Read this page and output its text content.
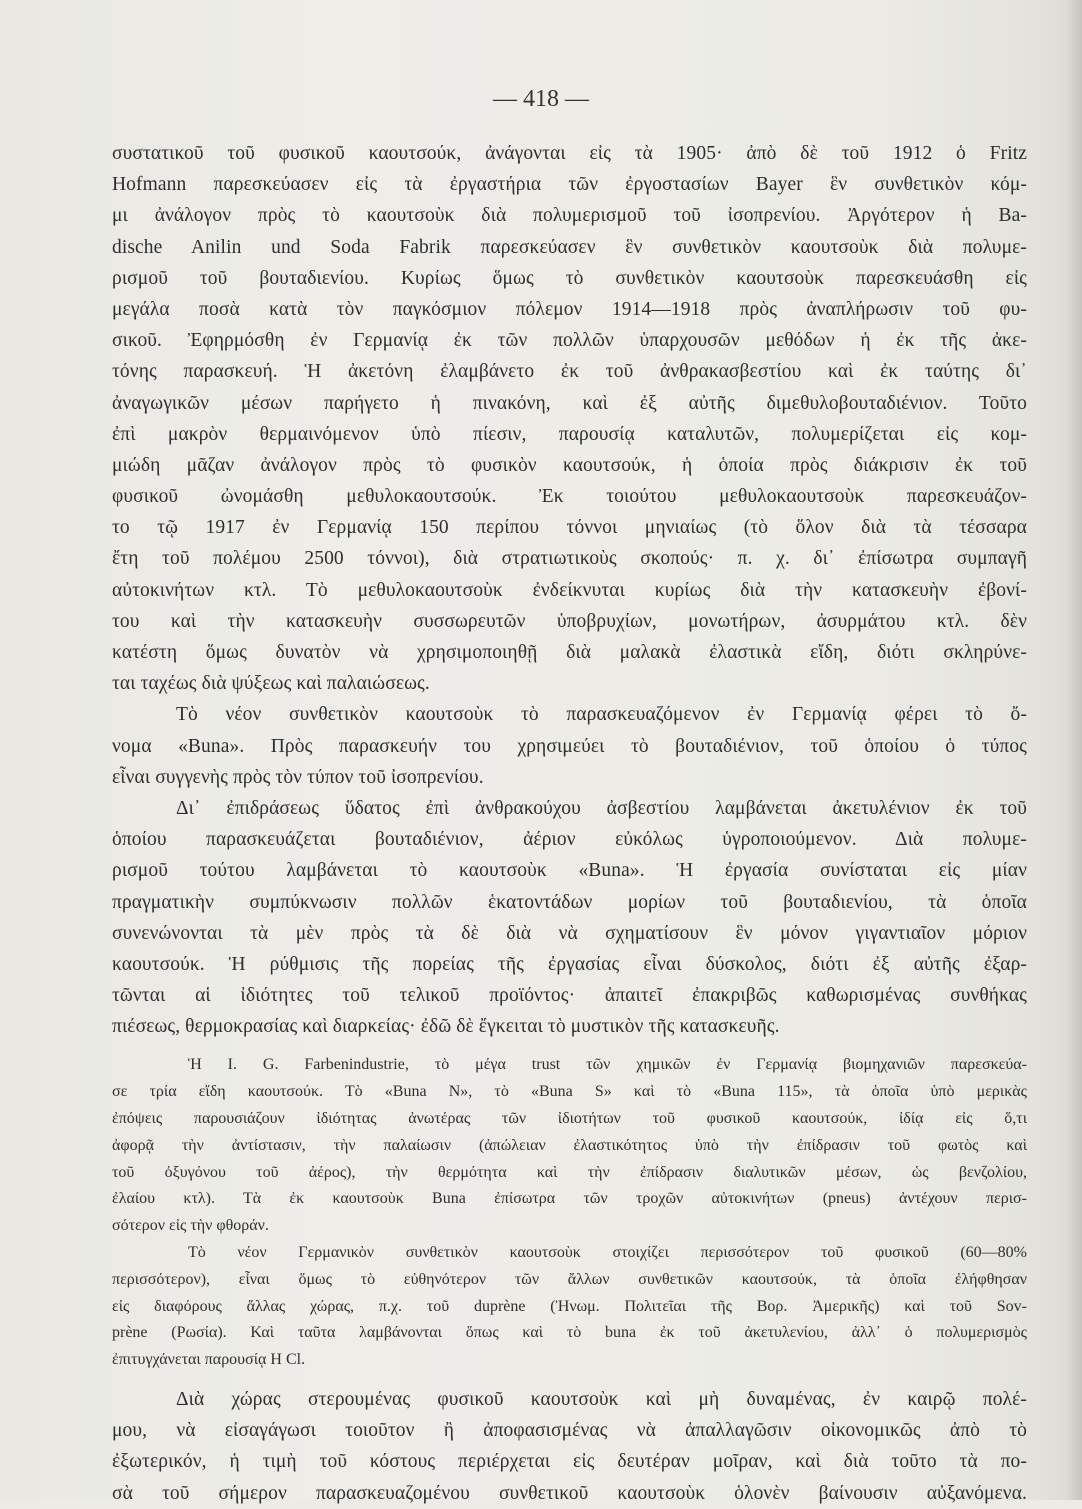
— 418 —
συστατικοῦ τοῦ φυσικοῦ καουτσούκ, ἀνάγονται εἰς τὰ 1905· ἀπὸ δὲ τοῦ 1912 ὁ Fritz
Hofmann παρεσκεύασεν εἰς τὰ ἐργαστήρια τῶν ἐργοστασίων Bayer ἓν συνθετικὸν κόμ-
μι ἀνάλογον πρὸς τὸ καουτσοὺκ διὰ πολυμερισμοῦ τοῦ ἰσοπρενίου. Ἀργότερον ἡ Ba-
dische Anilin und Soda Fabrik παρεσκεύασεν ἓν συνθετικὸν καουτσοὺκ διὰ πολυμε-
ρισμοῦ τοῦ βουταδιενίου. Κυρίως ὅμως τὸ συνθετικὸν καουτσοὺκ παρεσκευάσθη εἰς
μεγάλα ποσὰ κατὰ τὸν παγκόσμιον πόλεμον 1914—1918 πρὸς ἀναπλήρωσιν τοῦ φυ-
σικοῦ. Ἐφηρμόσθη ἐν Γερμανίᾳ ἐκ τῶν πολλῶν ὑπαρχουσῶν μεθόδων ἡ ἐκ τῆς ἀκε-
τόνης παρασκευή. Ἡ ἀκετόνη ἐλαμβάνετο ἐκ τοῦ ἀνθρακασβεστίου καὶ ἐκ ταύτης δι᾽
ἀναγωγικῶν μέσων παρήγετο ἡ πινακόνη, καὶ ἐξ αὐτῆς διμεθυλοβουταδιένιον. Τοῦτο
ἐπὶ μακρὸν θερμαινόμενον ὑπὸ πίεσιν, παρουσίᾳ καταλυτῶν, πολυμερίζεται εἰς κομ-
μιώδη μᾶζαν ἀνάλογον πρὸς τὸ φυσικὸν καουτσούκ, ἡ ὁποία πρὸς διάκρισιν ἐκ τοῦ
φυσικοῦ ὠνομάσθη μεθυλοκαουτσούκ. Ἐκ τοιούτου μεθυλοκαουτσοὺκ παρεσκευάζον-
το τῷ 1917 ἐν Γερμανίᾳ 150 περίπου τόννοι μηνιαίως (τὸ ὅλον διὰ τὰ τέσσαρα
ἔτη τοῦ πολέμου 2500 τόννοι), διὰ στρατιωτικοὺς σκοπούς· π. χ. δι᾽ ἐπίσωτρα συμπαγῆ
αὐτοκινήτων κτλ. Τὸ μεθυλοκαουτσοὺκ ἐνδείκνυται κυρίως διὰ τὴν κατασκευὴν ἐβονί-
του καὶ τὴν κατασκευὴν συσσωρευτῶν ὑποβρυχίων, μονωτήρων, ἀσυρμάτου κτλ. δὲν
κατέστη ὅμως δυνατὸν νὰ χρησιμοποιηθῇ διὰ μαλακὰ ἐλαστικὰ εἴδη, διότι σκληρύνε-
ται ταχέως διὰ ψύξεως καὶ παλαιώσεως.
Τὸ νέον συνθετικὸν καουτσοὺκ τὸ παρασκευαζόμενον ἐν Γερμανίᾳ φέρει τὸ ὄ-
νομα «Buna». Πρὸς παρασκευήν του χρησιμεύει τὸ βουταδιένιον, τοῦ ὁποίου ὁ τύπος
εἶναι συγγενὴς πρὸς τὸν τύπον τοῦ ἰσοπρενίου.
Δι᾽ ἐπιδράσεως ὕδατος ἐπὶ ἀνθρακούχου ἀσβεστίου λαμβάνεται ἀκετυλένιον ἐκ τοῦ
ὁποίου παρασκευάζεται βουταδιένιον, ἀέριον εὐκόλως ὑγροποιούμενον. Διὰ πολυμε-
ρισμοῦ τούτου λαμβάνεται τὸ καουτσοὺκ «Buna». Ἡ ἐργασία συνίσταται εἰς μίαν
πραγματικὴν συμπύκνωσιν πολλῶν ἑκατοντάδων μορίων τοῦ βουταδιενίου, τὰ ὁποῖα
συνενώνονται τὰ μὲν πρὸς τὰ δὲ διὰ νὰ σχηματίσουν ἓν μόνον γιγαντιαῖον μόριον
καουτσούκ. Ἡ ρύθμισις τῆς πορείας τῆς ἐργασίας εἶναι δύσκολος, διότι ἐξ αὐτῆς ἐξαρ-
τῶνται αἱ ἰδιότητες τοῦ τελικοῦ προϊόντος· ἀπαιτεῖ ἐπακριβῶς καθωρισμένας συνθήκας
πιέσεως, θερμοκρασίας καὶ διαρκείας· ἐδῶ δὲ ἔγκειται τὸ μυστικὸν τῆς κατασκευῆς.
Ἡ I. G. Farbenindustrie, τὸ μέγα trust τῶν χημικῶν ἐν Γερμανίᾳ βιομηχανιῶν παρεσκεύα-
σε τρία εἴδη καουτσούκ. Τὸ «Buna N», τὸ «Buna S» καὶ τὸ «Buna 115», τὰ ὁποῖα ὑπὸ μερικὰς
ἐπόψεις παρουσιάζουν ἰδιότητας ἀνωτέρας τῶν ἰδιοτήτων τοῦ φυσικοῦ καουτσούκ, ἰδίᾳ εἰς ὅ,τι
ἀφορᾷ τὴν ἀντίστασιν, τὴν παλαίωσιν (ἀπώλειαν ἐλαστικότητος ὑπὸ τὴν ἐπίδρασιν τοῦ φωτὸς καὶ
τοῦ ὀξυγόνου τοῦ ἀέρος), τὴν θερμότητα καὶ τὴν ἐπίδρασιν διαλυτικῶν μέσων, ὡς βενζολίου,
ἐλαίου κτλ). Τὰ ἐκ καουτσοὺκ Buna ἐπίσωτρα τῶν τροχῶν αὐτοκινήτων (pneus) ἀντέχουν περισ-
σότερον εἰς τὴν φθοράν.
Τὸ νέον Γερμανικὸν συνθετικὸν καουτσοὺκ στοιχίζει περισσότερον τοῦ φυσικοῦ (60—80%
περισσότερον), εἶναι ὅμως τὸ εὐθηνότερον τῶν ἄλλων συνθετικῶν καουτσούκ, τὰ ὁποῖα ἐλήφθησαν
εἰς διαφόρους ἄλλας χώρας, π.χ. τοῦ duprène (Ἠνωμ. Πολιτεῖαι τῆς Βορ. Ἀμερικῆς) καὶ τοῦ Sov-
prène (Ρωσία). Καὶ ταῦτα λαμβάνονται ὅπως καὶ τὸ buna ἐκ τοῦ ἀκετυλενίου, ἀλλ᾽ ὁ πολυμερισμὸς
ἐπιτυγχάνεται παρουσίᾳ H Cl.
Διὰ χώρας στερουμένας φυσικοῦ καουτσοὺκ καὶ μὴ δυναμένας, ἐν καιρῷ πολέ-
μου, νὰ εἰσαγάγωσι τοιοῦτον ἢ ἀποφασισμένας νὰ ἀπαλλαγῶσιν οἰκονομικῶς ἀπὸ τὸ
ἐξωτερικόν, ἡ τιμὴ τοῦ κόστους περιέρχεται εἰς δευτέραν μοῖραν, καὶ διὰ τοῦτο τὰ πο-
σὰ τοῦ σήμερον παρασκευαζομένου συνθετικοῦ καουτσοὺκ ὁλονὲν βαίνουσιν αὐξανόμενα.
